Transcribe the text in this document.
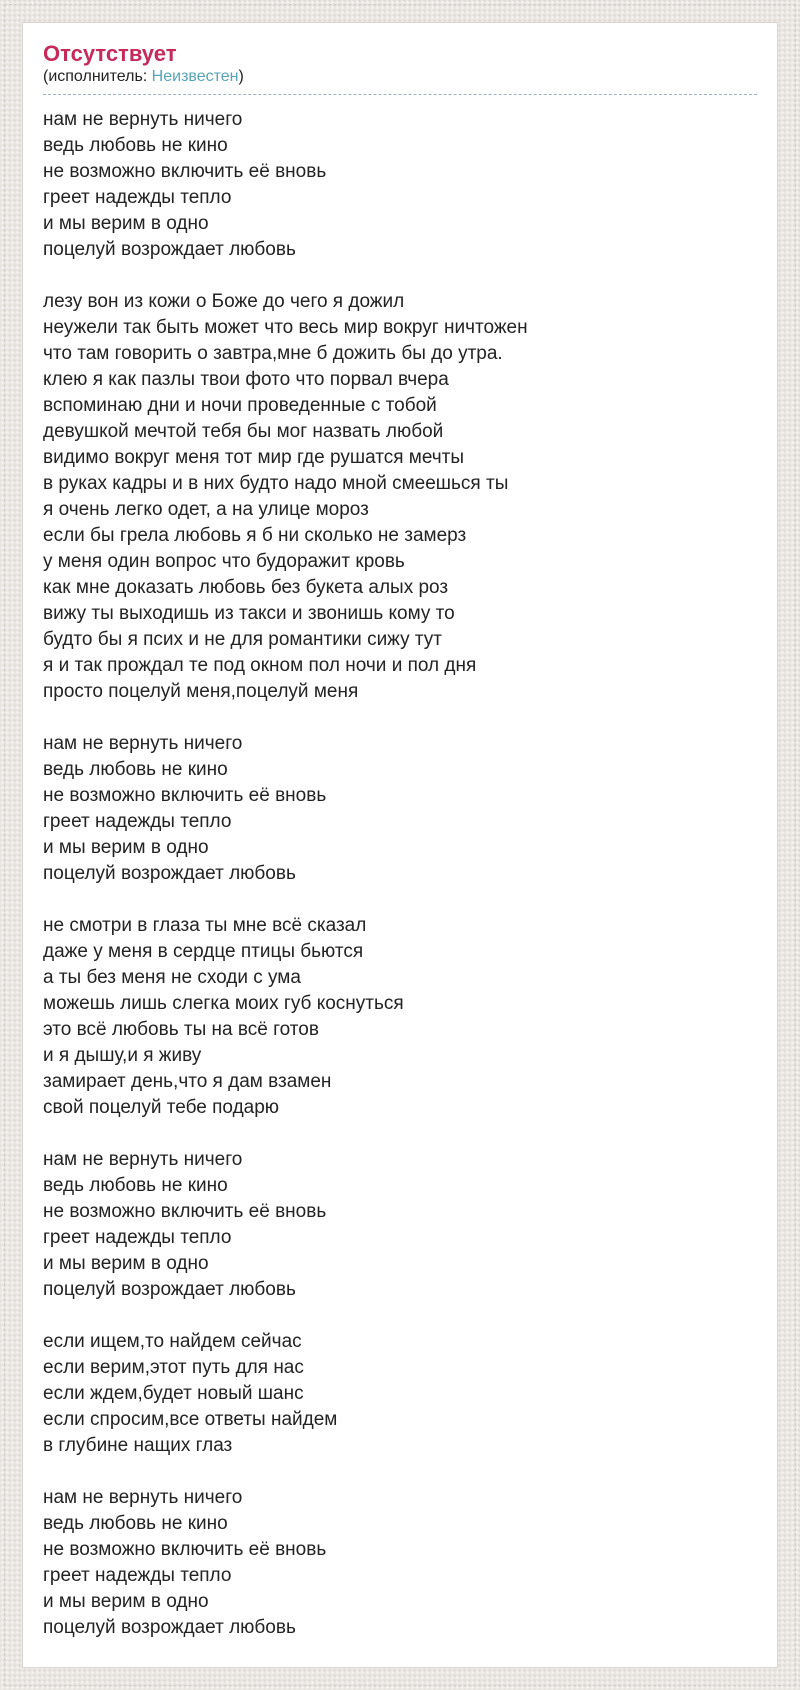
Отсутствует
(исполнитель: Неизвестен)

нам не вернуть ничего
ведь любовь не кино
не возможно включить её вновь
греет надежды тепло
и мы верим в одно
поцелуй возрождает любовь

лезу вон из кожи о Боже до чего я дожил
неужели так быть может что весь мир вокруг ничтожен
что там говорить о завтра,мне б дожить бы до утра.
клею я как пазлы твои фото что порвал вчера
вспоминаю дни и ночи проведенные с тобой
девушкой мечтой тебя бы мог назвать любой
видимо вокруг меня тот мир где рушатся мечты
в руках кадры и в них будто надо мной смеешься ты
я очень легко одет, а на улице мороз
если бы грела любовь я б ни сколько не замерз
у меня один вопрос что будоражит кровь
как мне доказать любовь без букета алых роз
вижу ты выходишь из такси и звонишь кому то
будто бы я псих и не для романтики сижу тут
я и так прождал те под окном пол ночи и пол дня
просто поцелуй меня,поцелуй меня

нам не вернуть ничего
ведь любовь не кино
не возможно включить её вновь
греет надежды тепло
и мы верим в одно
поцелуй возрождает любовь

не смотри в глаза ты мне всё сказал
даже у меня в сердце птицы бьются
а ты без меня не сходи с ума
можешь лишь слегка моих губ коснуться
это всё любовь ты на всё готов
и я дышу,и я живу
замирает день,что я дам взамен
свой поцелуй тебе подарю

нам не вернуть ничего
ведь любовь не кино
не возможно включить её вновь
греет надежды тепло
и мы верим в одно
поцелуй возрождает любовь

если ищем,то найдем сейчас
если верим,этот путь для нас
если ждем,будет новый шанс
если спросим,все ответы найдем
в глубине нащих глаз

нам не вернуть ничего
ведь любовь не кино
не возможно включить её вновь
греет надежды тепло
и мы верим в одно
поцелуй возрождает любовь
